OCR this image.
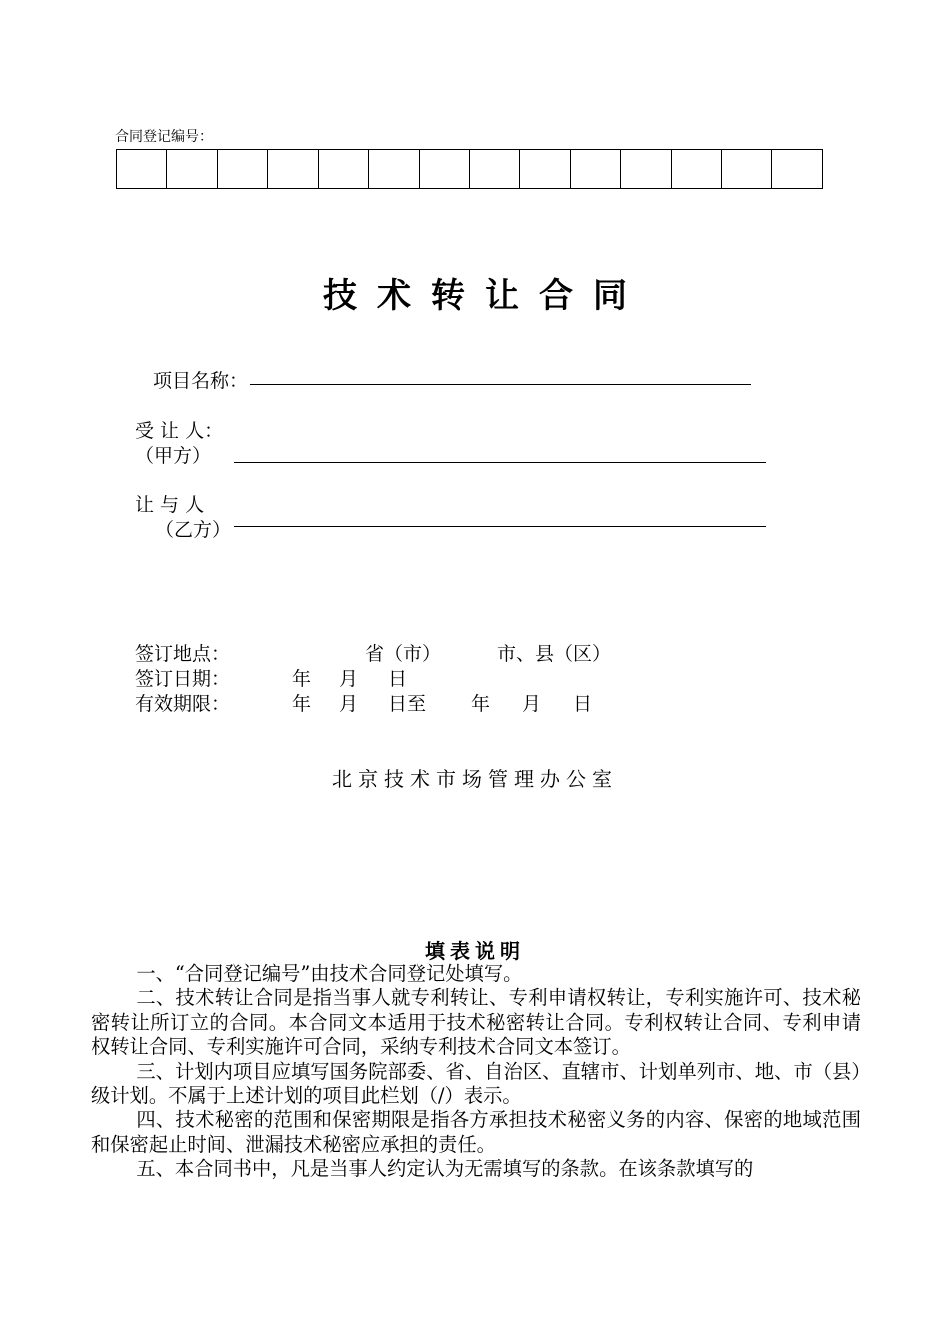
合同登记编号：
技术转让合同
项目名称：
受 让 人：
（甲方）
让 与 人
（乙方）
签订地点：	省（市）	市、县（区）
签订日期：	年 月 日
有效期限：	年 月 日至 年 月 日
北京技术市场管理办公室
填表说明
一、“合同登记编号”由技术合同登记处填写。
二、技术转让合同是指当事人就专利转让、专利申请权转让，专利实施许可、技术秘密转让所订立的合同。本合同文本适用于技术秘密转让合同。专利权转让合同、专利申请权转让合同、专利实施许可合同，采纳专利技术合同文本签订。
三、计划内项目应填写国务院部委、省、自治区、直辖市、计划单列市、地、市（县）级计划。不属于上述计划的项目此栏划（/）表示。
四、技术秘密的范围和保密期限是指各方承担技术秘密义务的内容、保密的地域范围和保密起止时间、泄漏技术秘密应承担的责任。
五、本合同书中，凡是当事人约定认为无需填写的条款。在该条款填写的
